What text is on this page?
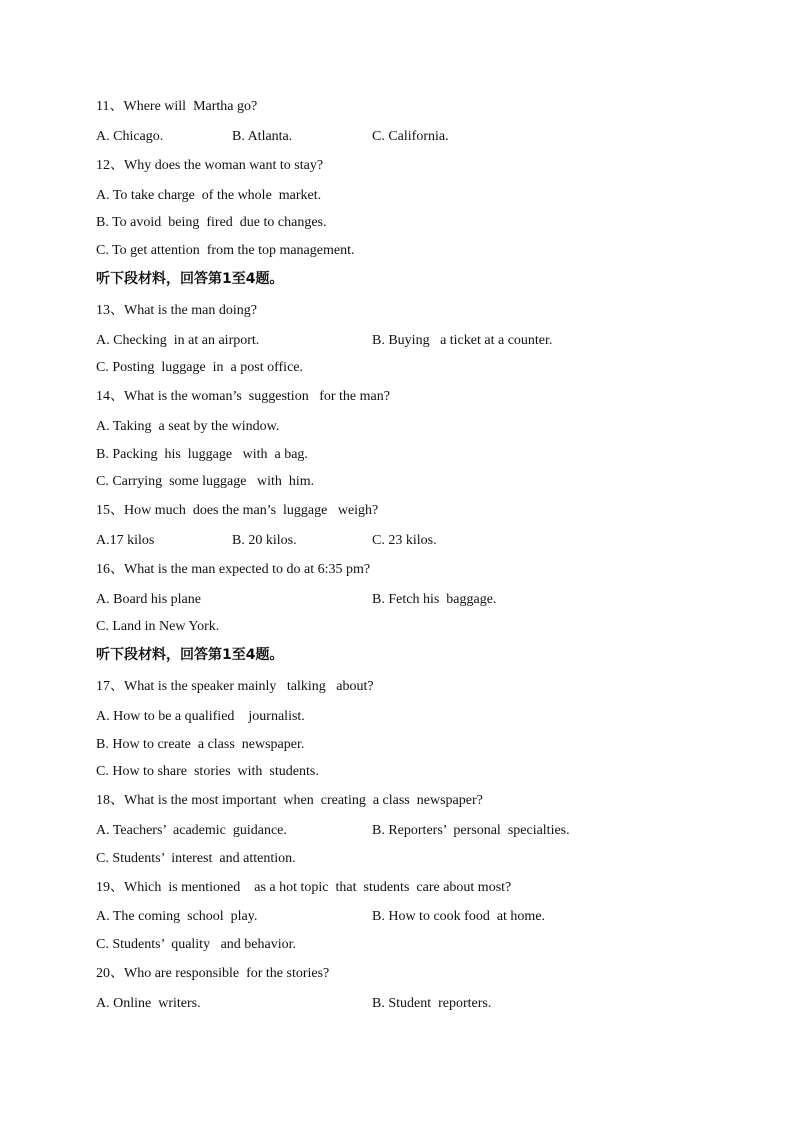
11、Where will  Martha go?
A. Chicago.	B. Atlanta.	C. California.
12、Why does the woman want to stay?
A. To take charge  of the whole  market.
B. To avoid  being  fired  due to changes.
C. To get attention  from the top management.
听下段材料，回答第1至4题。
13、What is the man doing?
A. Checking  in at an airport.	B. Buying   a ticket at a counter.
C. Posting  luggage  in  a post office.
14、What is the woman’s  suggestion   for the man?
A. Taking  a seat by the window.
B. Packing  his  luggage   with  a bag.
C. Carrying  some luggage   with  him.
15、How much  does the man’s  luggage   weigh?
A.17 kilos	B. 20 kilos.	C. 23 kilos.
16、What is the man expected to do at 6:35 pm?
A. Board his plane	B. Fetch his  baggage.
C. Land in New York.
听下段材料，回答第1至4题。
17、What is the speaker mainly   talking   about?
A. How to be a qualified    journalist.
B. How to create  a class  newspaper.
C. How to share  stories  with  students.
18、What is the most important  when  creating  a class  newspaper?
A. Teachers’  academic  guidance.	B. Reporters’  personal  specialties.
C. Students’  interest  and attention.
19、Which  is mentioned    as a hot topic  that  students  care about most?
A. The coming  school  play.	B. How to cook food  at home.
C. Students’  quality   and behavior.
20、Who are responsible  for the stories?
A. Online  writers.	B. Student  reporters.
